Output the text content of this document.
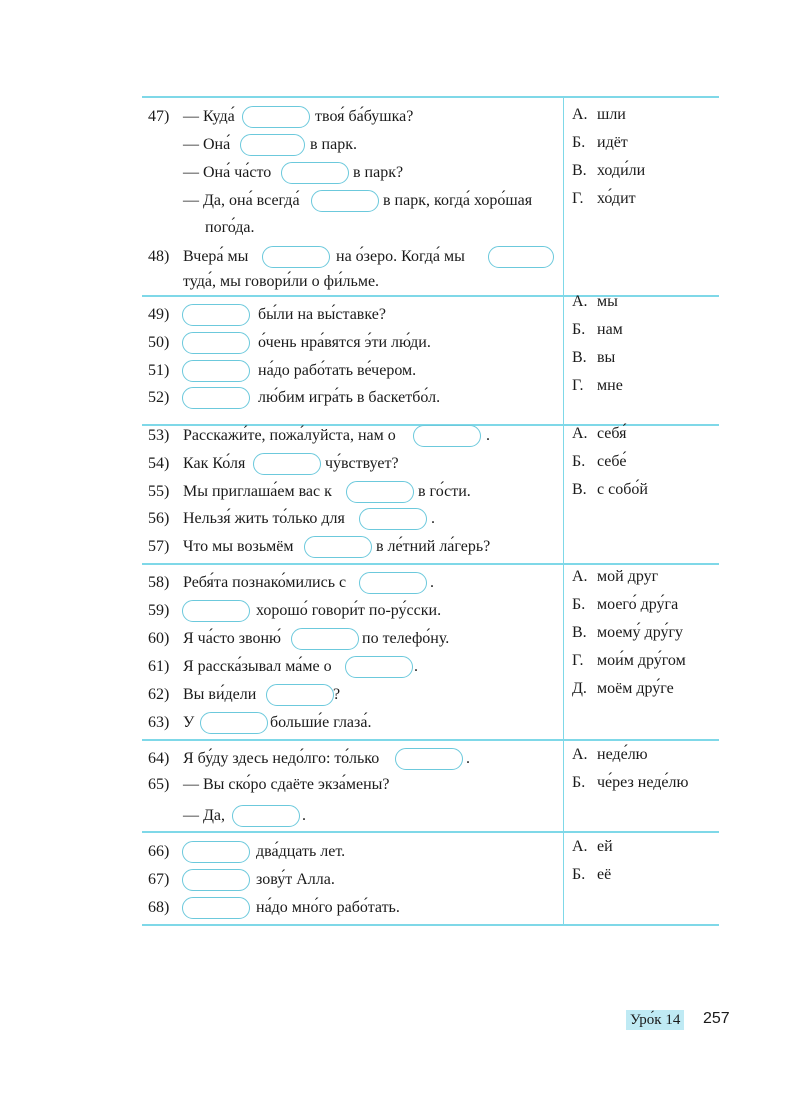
47) — Куда́	твоя́ ба́бушка?
— Она́	в парк.
— Она́ ча́сто	в парк?
— Да, она́ всегда́	в парк, когда́ хоро́шая
пого́да.
48) Вчера́ мы	на о́зеро. Когда́ мы
туда́, мы говори́ли о фи́льме.
А. шли
Б. идёт
В. ходи́ли
Г. хо́дит
49)	бы́ли на вы́ставке?
50)	о́чень нра́вятся э́ти лю́ди.
51)	на́до рабо́тать ве́чером.
52)	лю́бим игра́ть в баскетбо́л.
А. мы
Б. нам
В. вы
Г. мне
53) Расскажи́те, пожа́луйста, нам о	.
54) Как Ко́ля	чу́вствует?
55) Мы приглаша́ем вас к	в го́сти.
56) Нельзя́ жить то́лько для	.
57) Что мы возьмём	в ле́тний ла́герь?
А. себя́
Б. себе́
В. с собо́й
58) Ребя́та познако́мились с	.
59)	хорошо́ говори́т по-ру́сски.
60) Я ча́сто звоню́	по телефо́ну.
61) Я расска́зывал ма́ме о	.
62) Вы ви́дели	?
63) У	больши́е глаза́.
А. мой друг
Б. моего́ дру́га
В. моему́ дру́гу
Г. мои́м дру́гом
Д. моём дру́ге
64) Я бу́ду здесь недо́лго: то́лько	.
65) — Вы ско́ро сдаёте экза́мены?
— Да,	.
А. неде́лю
Б. че́рез неде́лю
66)	два́дцать лет.
67)	зову́т Алла.
68)	на́до мно́го рабо́тать.
А. ей
Б. её
Уро́к 14 257
